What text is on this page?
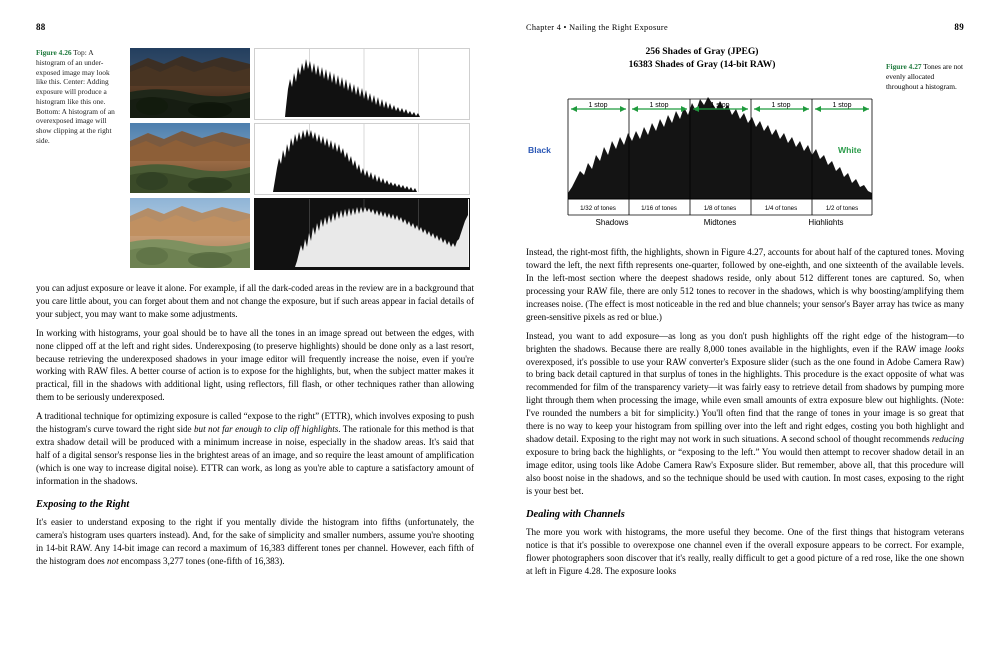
88
Figure 4.26 Top: A histogram of an under-exposed image may look like this. Center: Adding exposure will produce a histogram like this one. Bottom: A histogram of an overexposed image will show clipping at the right side.

you can adjust exposure or leave it alone. For example, if all the dark-coded areas in the review are in a background that you care little about, you can forget about them and not change the exposure, but if such areas appear in facial details of your subject, you may want to make some adjustments.

In working with histograms, your goal should be to have all the tones in an image spread out between the edges, with none clipped off at the left and right sides. Underexposing (to preserve highlights) should be done only as a last resort, because retrieving the underexposed shadows in your image editor will frequently increase the noise, even if you're working with RAW files. A better course of action is to expose for the highlights, but, when the subject matter makes it practical, fill in the shadows with additional light, using reflectors, fill flash, or other techniques rather than allowing them to be seriously underexposed.

A traditional technique for optimizing exposure is called “expose to the right” (ETTR), which involves exposing to push the histogram's curve toward the right side but not far enough to clip off highlights. The rationale for this method is that extra shadow detail will be produced with a minimum increase in noise, especially in the shadow areas. It's said that half of a digital sensor's response lies in the brightest areas of an image, and so require the least amount of amplification (which is one way to increase digital noise). ETTR can work, as long as you're able to capture a satisfactory amount of information in the shadows.

Exposing to the Right

It's easier to understand exposing to the right if you mentally divide the histogram into fifths (unfortunately, the camera's histogram uses quarters instead). And, for the sake of simplicity and smaller numbers, assume you're shooting in 14-bit RAW. Any 14-bit image can record a maximum of 16,383 different tones per channel. However, each fifth of the histogram does not encompass 3,277 tones (one-fifth of 16,383).

Chapter 4 • Nailing the Right Exposure	89
256 Shades of Gray (JPEG)
16383 Shades of Gray (14-bit RAW)
1 stop	1 stop	1 stop	1 stop	1 stop
1/32 of tones	1/16 of tones	1/8 of tones	1/4 of tones	1/2 of tones
Shadows	Midtones	Highlights
Black	White
Figure 4.27 Tones are not evenly allocated throughout a histogram.

Instead, the right-most fifth, the highlights, shown in Figure 4.27, accounts for about half of the captured tones. Moving toward the left, the next fifth represents one-quarter, followed by one-eighth, and one sixteenth of the available levels. In the left-most section where the deepest shadows reside, only about 512 different tones are captured. So, when processing your RAW file, there are only 512 tones to recover in the shadows, which is why boosting/amplifying them increases noise. (The effect is most noticeable in the red and blue channels; your sensor's Bayer array has twice as many green-sensitive pixels as red or blue.)

Instead, you want to add exposure—as long as you don't push highlights off the right edge of the histogram—to brighten the shadows. Because there are really 8,000 tones available in the highlights, even if the RAW image looks overexposed, it's possible to use your RAW converter's Exposure slider (such as the one found in Adobe Camera Raw) to bring back detail captured in that surplus of tones in the highlights. This procedure is the exact opposite of what was recommended for film of the transparency variety—it was fairly easy to retrieve detail from shadows by pumping more light through them when processing the image, while even small amounts of extra exposure blew out highlights. (Note: I've rounded the numbers a bit for simplicity.) You'll often find that the range of tones in your image is so great that there is no way to keep your histogram from spilling over into the left and right edges, costing you both highlight and shadow detail. Exposing to the right may not work in such situations. A second school of thought recommends reducing exposure to bring back the highlights, or “exposing to the left.” You would then attempt to recover shadow detail in an image editor, using tools like Adobe Camera Raw's Exposure slider. But remember, above all, that this procedure will also boost noise in the shadows, and so the technique should be used with caution. In most cases, exposing to the right is your best bet.

Dealing with Channels

The more you work with histograms, the more useful they become. One of the first things that histogram veterans notice is that it's possible to overexpose one channel even if the overall exposure appears to be correct. For example, flower photographers soon discover that it's really, really difficult to get a good picture of a red rose, like the one shown at left in Figure 4.28. The exposure looks
